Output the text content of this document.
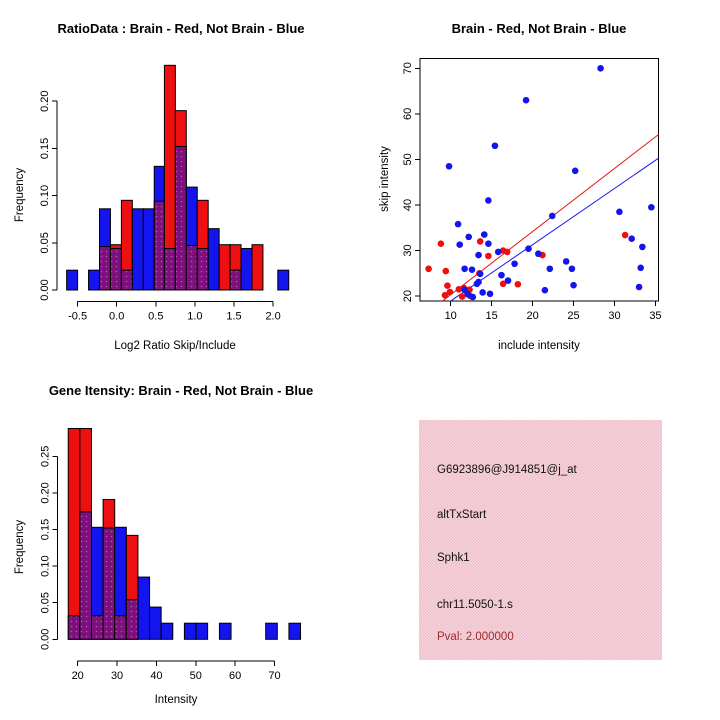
RatioData : Brain - Red, Not Brain - Blue	Brain - Red, Not Brain - Blue
Gene Itensity: Brain - Red, Not Brain - Blue
Log2 Ratio Skip/Include
Frequency
include intensity
skip intensity
Intensity
Frequency
0.00
0.05
0.10
0.15
0.20
-0.5 0.0 0.5 1.0 1.5 2.0	10	15	20	25	30	35
20
30
40
50
60
70
0.00
0.05
0.10
0.15
0.20
0.25
20 30 40 50 60 70
G6923896@J914851@j_at
altTxStart
Sphk1
chr11.5050-1.s
Pval: 2.000000
